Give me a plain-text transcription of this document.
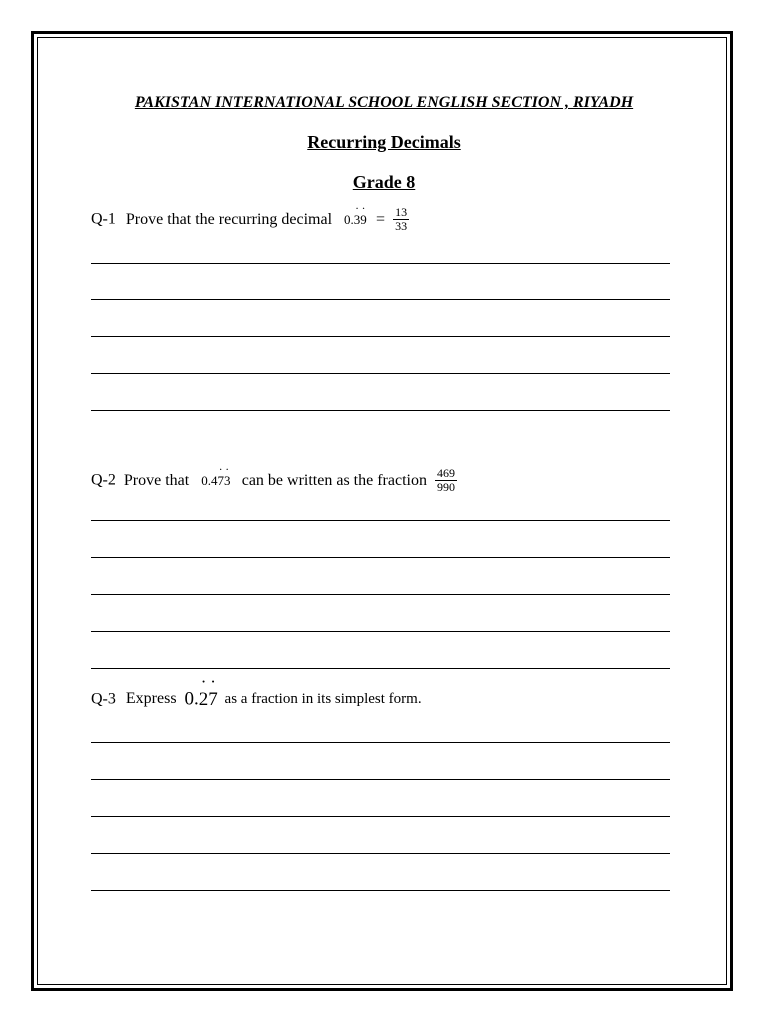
PAKISTAN INTERNATIONAL SCHOOL ENGLISH SECTION , RIYADH
Recurring Decimals
Grade 8
Q-1 Prove that the recurring decimal 0.˙ 3˙ $9 = \frac{13}{33}$
Q-2 Prove that 0.4˙ 7˙ 3 can be written as the fraction $\frac{469}{990}$
Q-3 Express 0.˙ 2˙ 7 as a fraction in its simplest form.
